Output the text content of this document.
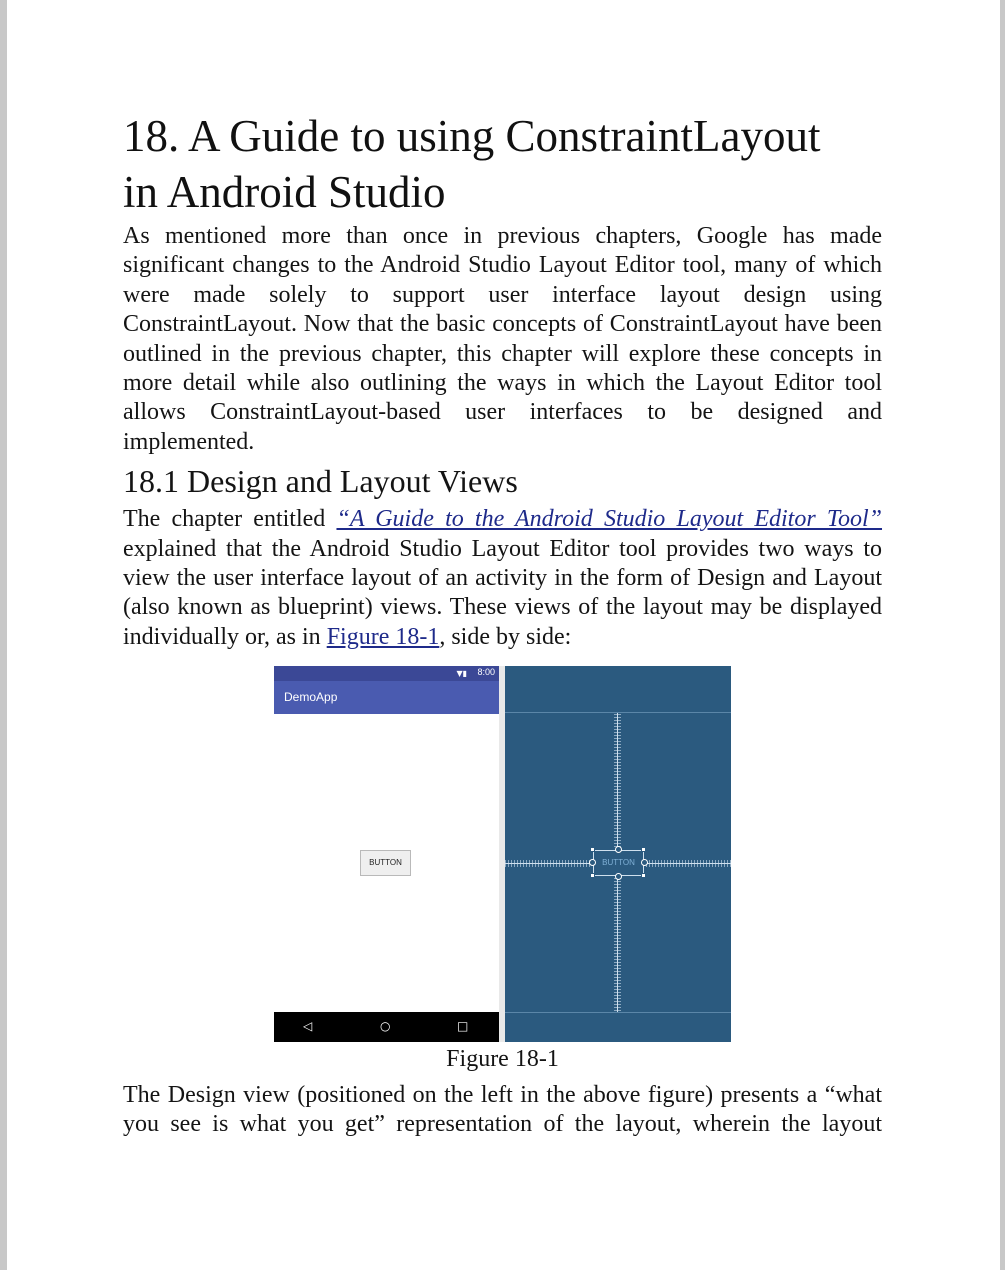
18. A Guide to using ConstraintLayout
in Android Studio

As mentioned more than once in previous chapters, Google has made significant changes to the Android Studio Layout Editor tool, many of which were made solely to support user interface layout design using ConstraintLayout. Now that the basic concepts of ConstraintLayout have been outlined in the previous chapter, this chapter will explore these concepts in more detail while also outlining the ways in which the Layout Editor tool allows ConstraintLayout-based user interfaces to be designed and implemented.

18.1 Design and Layout Views

The chapter entitled “A Guide to the Android Studio Layout Editor Tool” explained that the Android Studio Layout Editor tool provides two ways to view the user interface layout of an activity in the form of Design and Layout (also known as blueprint) views. These views of the layout may be displayed individually or, as in Figure 18-1, side by side:

▼▮ 8:00
DemoApp
BUTTON
◁	○	□
BUTTON
Figure 18-1

The Design view (positioned on the left in the above figure) presents a “what you see is what you get” representation of the layout, wherein the layout
